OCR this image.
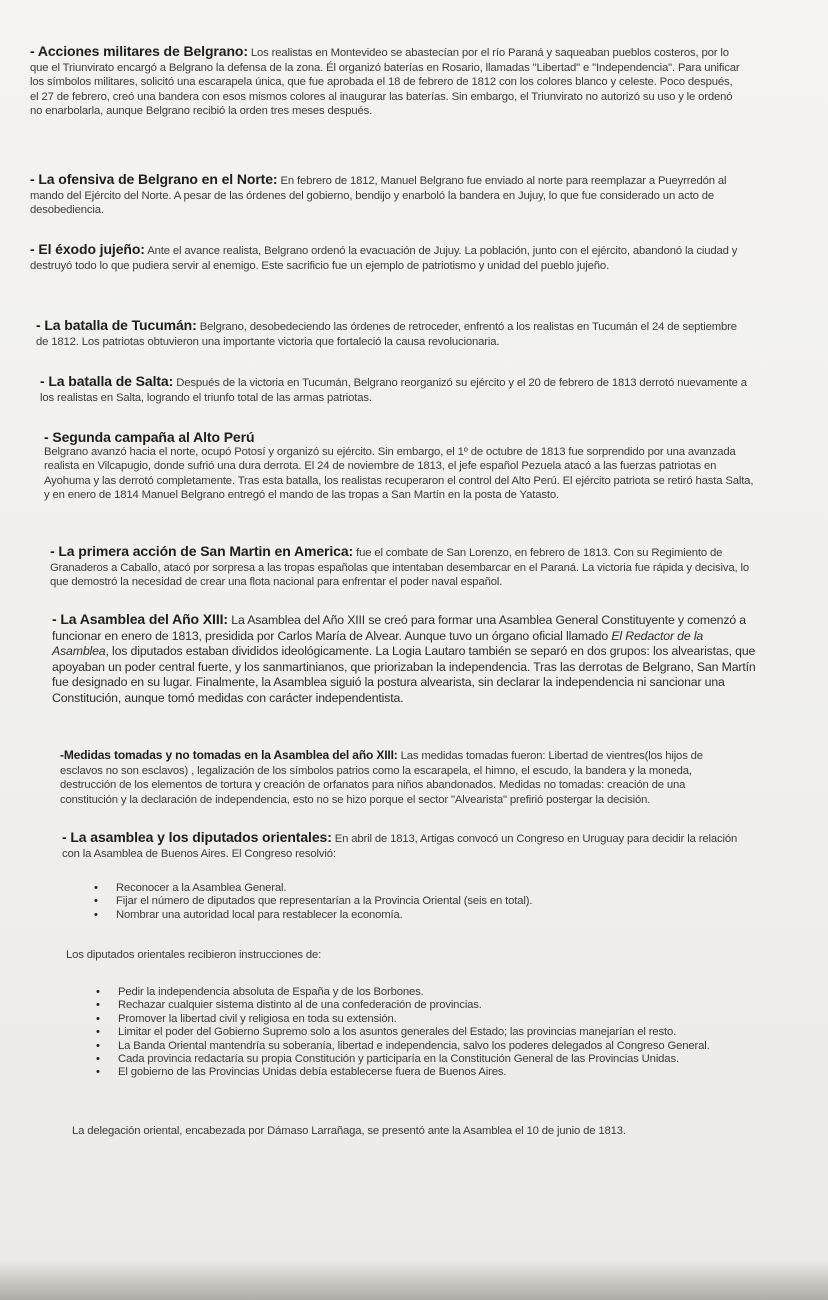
- Acciones militares de Belgrano: Los realistas en Montevideo se abastecían por el río Paraná y saqueaban pueblos costeros, por lo que el Triunvirato encargó a Belgrano la defensa de la zona. Él organizó baterías en Rosario, llamadas "Libertad" e "Independencia". Para unificar los símbolos militares, solicitó una escarapela única, que fue aprobada el 18 de febrero de 1812 con los colores blanco y celeste. Poco después, el 27 de febrero, creó una bandera con esos mismos colores al inaugurar las baterías. Sin embargo, el Triunvirato no autorizó su uso y le ordenó no enarbolarla, aunque Belgrano recibió la orden tres meses después.
- La ofensiva de Belgrano en el Norte: En febrero de 1812, Manuel Belgrano fue enviado al norte para reemplazar a Pueyrredón al mando del Ejército del Norte. A pesar de las órdenes del gobierno, bendijo y enarboló la bandera en Jujuy, lo que fue considerado un acto de desobediencia.
- El éxodo jujeño: Ante el avance realista, Belgrano ordenó la evacuación de Jujuy. La población, junto con el ejército, abandonó la ciudad y destruyó todo lo que pudiera servir al enemigo. Este sacrificio fue un ejemplo de patriotismo y unidad del pueblo jujeño.
- La batalla de Tucumán: Belgrano, desobedeciendo las órdenes de retroceder, enfrentó a los realistas en Tucumán el 24 de septiembre de 1812. Los patriotas obtuvieron una importante victoria que fortaleció la causa revolucionaria.
- La batalla de Salta: Después de la victoria en Tucumán, Belgrano reorganizó su ejército y el 20 de febrero de 1813 derrotó nuevamente a los realistas en Salta, logrando el triunfo total de las armas patriotas.
- Segunda campaña al Alto Perú
Belgrano avanzó hacia el norte, ocupó Potosí y organizó su ejército. Sin embargo, el 1º de octubre de 1813 fue sorprendido por una avanzada realista en Vilcapugio, donde sufrió una dura derrota. El 24 de noviembre de 1813, el jefe español Pezuela atacó a las fuerzas patriotas en Ayohuma y las derrotó completamente. Tras esta batalla, los realistas recuperaron el control del Alto Perú. El ejército patriota se retiró hasta Salta, y en enero de 1814 Manuel Belgrano entregó el mando de las tropas a San Martín en la posta de Yatasto.
- La primera acción de San Martin en America: fue el combate de San Lorenzo, en febrero de 1813. Con su Regimiento de Granaderos a Caballo, atacó por sorpresa a las tropas españolas que intentaban desembarcar en el Paraná. La victoria fue rápida y decisiva, lo que demostró la necesidad de crear una flota nacional para enfrentar el poder naval español.
- La Asamblea del Año XIII: La Asamblea del Año XIII se creó para formar una Asamblea General Constituyente y comenzó a funcionar en enero de 1813, presidida por Carlos María de Alvear. Aunque tuvo un órgano oficial llamado El Redactor de la Asamblea, los diputados estaban divididos ideológicamente. La Logia Lautaro también se separó en dos grupos: los alvearistas, que apoyaban un poder central fuerte, y los sanmartinianos, que priorizaban la independencia. Tras las derrotas de Belgrano, San Martín fue designado en su lugar. Finalmente, la Asamblea siguió la postura alvearista, sin declarar la independencia ni sancionar una Constitución, aunque tomó medidas con carácter independentista.
-Medidas tomadas y no tomadas en la Asamblea del año XIII: Las medidas tomadas fueron: Libertad de vientres(los hijos de esclavos no son esclavos) , legalización de los símbolos patrios como la escarapela, el himno, el escudo, la bandera y la moneda, destrucción de los elementos de tortura y creación de orfanatos para niños abandonados. Medidas no tomadas: creación de una constitución y la declaración de independencia, esto no se hizo porque el sector "Alvearista" prefirió postergar la decisión.
- La asamblea y los diputados orientales: En abril de 1813, Artigas convocó un Congreso en Uruguay para decidir la relación con la Asamblea de Buenos Aires. El Congreso resolvió:
• Reconocer a la Asamblea General.
• Fijar el número de diputados que representarían a la Provincia Oriental (seis en total).
• Nombrar una autoridad local para restablecer la economía.
Los diputados orientales recibieron instrucciones de:
• Pedir la independencia absoluta de España y de los Borbones.
• Rechazar cualquier sistema distinto al de una confederación de provincias.
• Promover la libertad civil y religiosa en toda su extensión.
• Limitar el poder del Gobierno Supremo solo a los asuntos generales del Estado; las provincias manejarían el resto.
• La Banda Oriental mantendría su soberanía, libertad e independencia, salvo los poderes delegados al Congreso General.
• Cada provincia redactaría su propia Constitución y participaría en la Constitución General de las Provincias Unidas.
• El gobierno de las Provincias Unidas debía establecerse fuera de Buenos Aires.
La delegación oriental, encabezada por Dámaso Larrañaga, se presentó ante la Asamblea el 10 de junio de 1813.
